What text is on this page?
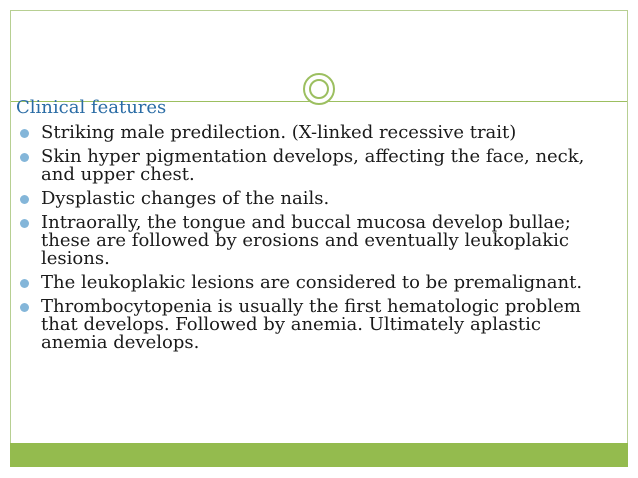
Clinical features
Striking male predilection. (X-linked recessive trait)
Skin hyper pigmentation develops, affecting the face, neck, and upper chest.
Dysplastic changes of the nails.
Intraorally, the tongue and buccal mucosa develop bullae; these are followed by erosions and eventually leukoplakic lesions.
The leukoplakic lesions are considered to be premalignant.
Thrombocytopenia is usually the first hematologic problem that develops. Followed by anemia. Ultimately aplastic anemia develops.
